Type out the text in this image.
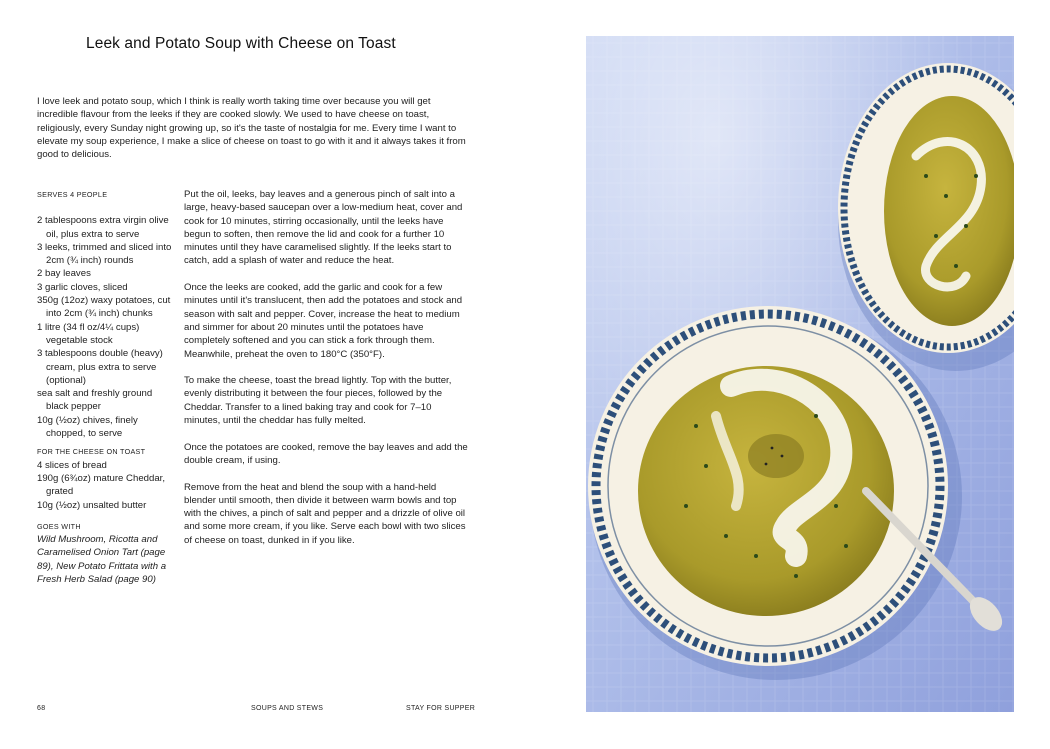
Leek and Potato Soup with Cheese on Toast
I love leek and potato soup, which I think is really worth taking time over because you will get incredible flavour from the leeks if they are cooked slowly. We used to have cheese on toast, religiously, every Sunday night growing up, so it's the taste of nostalgia for me. Every time I want to elevate my soup experience, I make a slice of cheese on toast to go with it and it always takes it from good to delicious.
SERVES 4 PEOPLE
2 tablespoons extra virgin olive oil, plus extra to serve
3 leeks, trimmed and sliced into 2cm (¾ inch) rounds
2 bay leaves
3 garlic cloves, sliced
350g (12oz) waxy potatoes, cut into 2cm (¾ inch) chunks
1 litre (34 fl oz/4¼ cups) vegetable stock
3 tablespoons double (heavy) cream, plus extra to serve (optional)
sea salt and freshly ground black pepper
10g (½oz) chives, finely chopped, to serve
FOR THE CHEESE ON TOAST
4 slices of bread
190g (6¾oz) mature Cheddar, grated
10g (½oz) unsalted butter
GOES WITH
Wild Mushroom, Ricotta and Caramelised Onion Tart (page 89), New Potato Frittata with a Fresh Herb Salad (page 90)

Put the oil, leeks, bay leaves and a generous pinch of salt into a large, heavy-based saucepan over a low-medium heat, cover and cook for 10 minutes, stirring occasionally, until the leeks have begun to soften, then remove the lid and cook for a further 10 minutes until they have caramelised slightly. If the leeks start to catch, add a splash of water and reduce the heat.

Once the leeks are cooked, add the garlic and cook for a few minutes until it's translucent, then add the potatoes and stock and season with salt and pepper. Cover, increase the heat to medium and simmer for about 20 minutes until the potatoes have completely softened and you can stick a fork through them. Meanwhile, preheat the oven to 180°C (350°F).

To make the cheese, toast the bread lightly. Top with the butter, evenly distributing it between the four pieces, followed by the Cheddar. Transfer to a lined baking tray and cook for 7–10 minutes, until the cheddar has fully melted.

Once the potatoes are cooked, remove the bay leaves and add the double cream, if using.

Remove from the heat and blend the soup with a hand-held blender until smooth, then divide it between warm bowls and top with the chives, a pinch of salt and pepper and a drizzle of olive oil and some more cream, if you like. Serve each bowl with two slices of cheese on toast, dunked in if you like.

68	SOUPS AND STEWS	STAY FOR SUPPER
